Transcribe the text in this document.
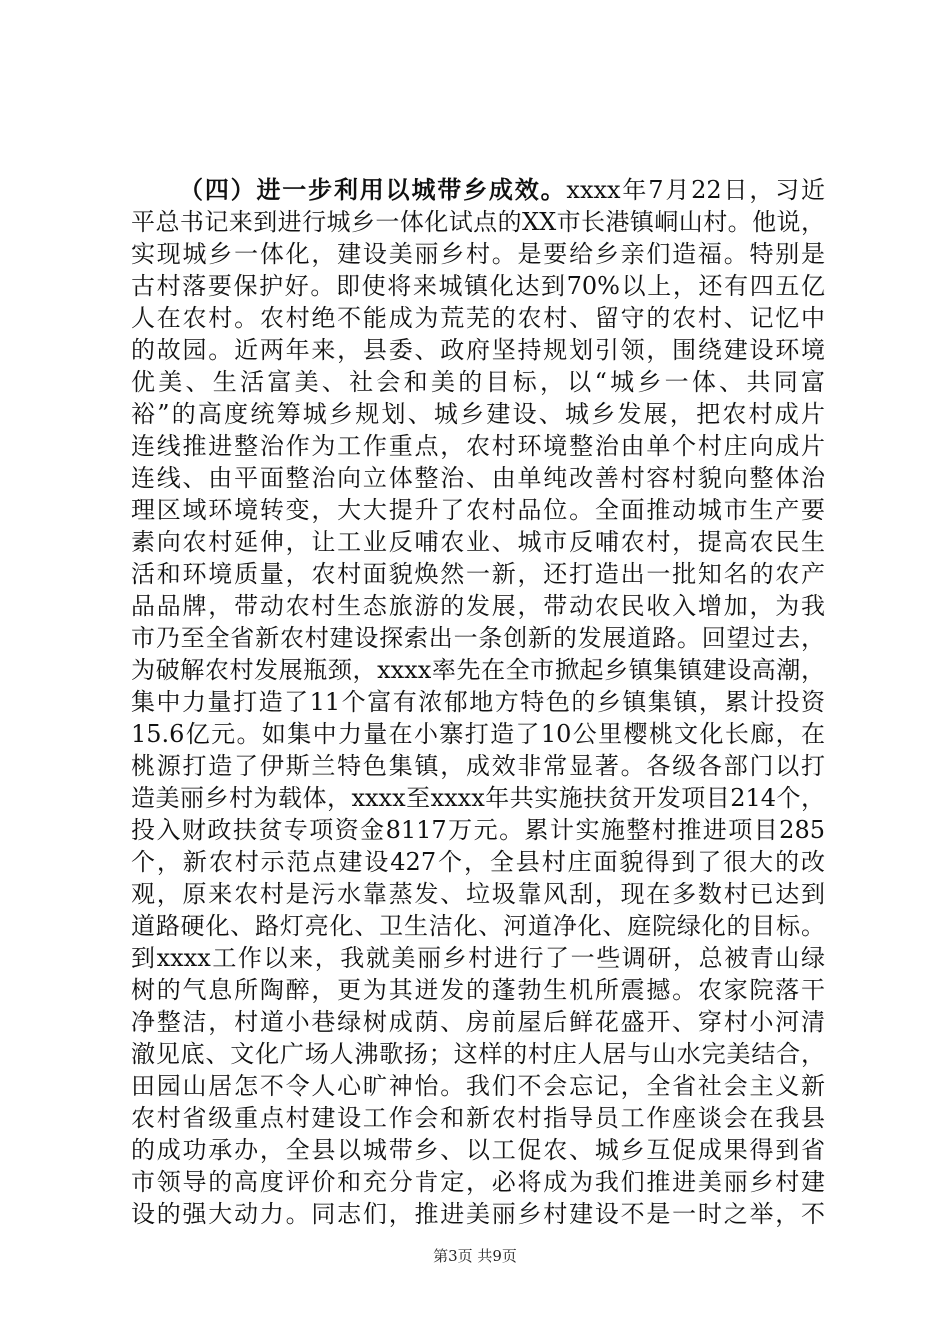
（四）进一步利用以城带乡成效。xxxx年7月22日，习近
平总书记来到进行城乡一体化试点的XX市长港镇峒山村。他说，
实现城乡一体化，建设美丽乡村。是要给乡亲们造福。特别是
古村落要保护好。即使将来城镇化达到70%以上，还有四五亿
人在农村。农村绝不能成为荒芜的农村、留守的农村、记忆中
的故园。近两年来，县委、政府坚持规划引领，围绕建设环境
优美、生活富美、社会和美的目标，以“城乡一体、共同富
裕”的高度统筹城乡规划、城乡建设、城乡发展，把农村成片
连线推进整治作为工作重点，农村环境整治由单个村庄向成片
连线、由平面整治向立体整治、由单纯改善村容村貌向整体治
理区域环境转变，大大提升了农村品位。全面推动城市生产要
素向农村延伸，让工业反哺农业、城市反哺农村，提高农民生
活和环境质量，农村面貌焕然一新，还打造出一批知名的农产
品品牌，带动农村生态旅游的发展，带动农民收入增加，为我
市乃至全省新农村建设探索出一条创新的发展道路。回望过去，
为破解农村发展瓶颈，xxxx率先在全市掀起乡镇集镇建设高潮，
集中力量打造了11个富有浓郁地方特色的乡镇集镇，累计投资
15.6亿元。如集中力量在小寨打造了10公里樱桃文化长廊，在
桃源打造了伊斯兰特色集镇，成效非常显著。各级各部门以打
造美丽乡村为载体，xxxx至xxxx年共实施扶贫开发项目214个，
投入财政扶贫专项资金8117万元。累计实施整村推进项目285
个，新农村示范点建设427个，全县村庄面貌得到了很大的改
观，原来农村是污水靠蒸发、垃圾靠风刮，现在多数村已达到
道路硬化、路灯亮化、卫生洁化、河道净化、庭院绿化的目标。
到xxxx工作以来，我就美丽乡村进行了一些调研，总被青山绿
树的气息所陶醉，更为其迸发的蓬勃生机所震撼。农家院落干
净整洁，村道小巷绿树成荫、房前屋后鲜花盛开、穿村小河清
澈见底、文化广场人沸歌扬；这样的村庄人居与山水完美结合，
田园山居怎不令人心旷神怡。我们不会忘记，全省社会主义新
农村省级重点村建设工作会和新农村指导员工作座谈会在我县
的成功承办，全县以城带乡、以工促农、城乡互促成果得到省
市领导的高度评价和充分肯定，必将成为我们推进美丽乡村建
设的强大动力。同志们，推进美丽乡村建设不是一时之举，不
第3页 共9页
